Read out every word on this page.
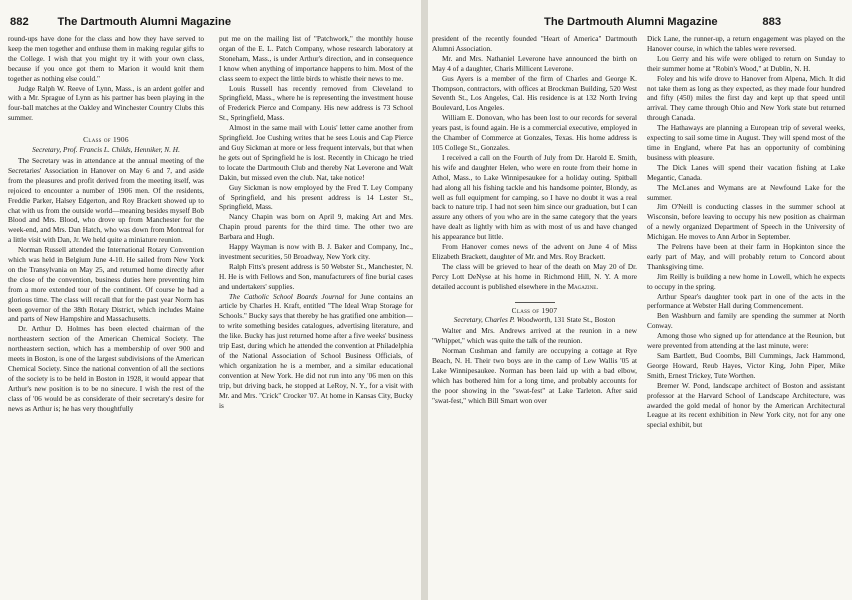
882	The Dartmouth Alumni Magazine

round-ups have done for the class and how they have served to keep the men together and enthuse them in making regular gifts to the College. I wish that you might try it with your own class, because if you once got them to Marion it would knit them together as nothing else could."

Judge Ralph W. Reeve of Lynn, Mass., is an ardent golfer and with a Mr. Sprague of Lynn as his partner has been playing in the four-ball matches at the Oakley and Winchester Country Clubs this summer.

Class of 1906
Secretary, Prof. Francis L. Childs, Henniker, N. H.

The Secretary was in attendance at the annual meeting of the Secretaries' Association in Hanover on May 6 and 7, and aside from the pleasures and profit derived from the meeting itself, was rejoiced to encounter a number of 1906 men. Of the residents, Freddie Parker, Halsey Edgerton, and Roy Brackett showed up to chat with us from the outside world—meaning besides myself Bob Blood and Mrs. Blood, who drove up from Manchester for the week-end, and Mrs. Dan Hatch, who was down from Montreal for a little visit with Dan, Jr. We held quite a miniature reunion.

Norman Russell attended the International Rotary Convention which was held in Belgium June 4-10. He sailed from New York on the Transylvania on May 25, and returned home directly after the close of the convention, business duties here preventing him from a more extended tour of the continent. Of course he had a glorious time. The class will recall that for the past year Norm has been governor of the 38th Rotary District, which includes Maine and parts of New Hampshire and Massachusetts.

Dr. Arthur D. Holmes has been elected chairman of the northeastern section of the American Chemical Society. The northeastern section, which has a membership of over 900 and meets in Boston, is one of the largest subdivisions of the American Chemical Society. Since the national convention of all the sections of the society is to be held in Boston in 1928, it would appear that Arthur's new position is to be no sinecure. I wish the rest of the class of '06 would be as considerate of their secretary's desire for news as Arthur is; he has very thoughtfully

put me on the mailing list of "Patchwork," the monthly house organ of the E. L. Patch Company, whose research laboratory at Stoneham, Mass., is under Arthur's direction, and in consequence I know when anything of importance happens to him. Most of the class seem to expect the little birds to whistle their news to me.

Louis Russell has recently removed from Cleveland to Springfield, Mass., where he is representing the investment house of Frederick Pierce and Company. His new address is 73 School St., Springfield, Mass.

Almost in the same mail with Louis' letter came another from Springfield. Joe Cushing writes that he sees Louis and Cap Pierce and Guy Sickman at more or less frequent intervals, but that when he gets out of Springfield he is lost. Recently in Chicago he tried to locate the Dartmouth Club and thereby Nat Leverone and Walt Dakin, but missed even the club. Nat, take notice!

Guy Sickman is now employed by the Fred T. Ley Company of Springfield, and his present address is 14 Lester St., Springfield, Mass.

Nancy Chapin was born on April 9, making Art and Mrs. Chapin proud parents for the third time. The other two are Barbara and Hugh.

Happy Wayman is now with B. J. Baker and Company, Inc., investment securities, 50 Broadway, New York city.

Ralph Fitts's present address is 50 Webster St., Manchester, N. H. He is with Fellows and Son, manufacturers of fine burial cases and undertakers' supplies.

The Catholic School Boards Journal for June contains an article by Charles H. Kraft, entitled "The Ideal Wrap Storage for Schools." Bucky says that thereby he has gratified one ambition—to write something besides catalogues, advertising literature, and the like. Bucky has just returned home after a five weeks' business trip East, during which he attended the convention at Philadelphia of the National Association of School Business Officials, of which organization he is a member, and a similar educational convention at New York. He did not run into any '06 men on this trip, but driving back, he stopped at LeRoy, N. Y., for a visit with Mr. and Mrs. "Crick" Crocker '07. At home in Kansas City, Bucky is

The Dartmouth Alumni Magazine	883

president of the recently founded "Heart of America" Dartmouth Alumni Association.

Mr. and Mrs. Nathaniel Leverone have announced the birth on May 4 of a daughter, Charis Millicent Leverone.

Gus Ayers is a member of the firm of Charles and George K. Thompson, contractors, with offices at Brockman Building, 520 West Seventh St., Los Angeles, Cal. His residence is at 132 North Irving Boulevard, Los Angeles.

William E. Donovan, who has been lost to our records for several years past, is found again. He is a commercial executive, employed in the Chamber of Commerce at Gonzales, Texas. His home address is 105 College St., Gonzales.

I received a call on the Fourth of July from Dr. Harold E. Smith, his wife and daughter Helen, who were en route from their home in Athol, Mass., to Lake Winnipesaukee for a holiday outing. Spitball had along all his fishing tackle and his handsome pointer, Blondy, as well as full equipment for camping, so I have no doubt it was a real back to nature trip. I had not seen him since our graduation, but I can assure any others of you who are in the same category that the years have dealt as lightly with him as with most of us and have changed his appearance but little.

From Hanover comes news of the advent on June 4 of Miss Elizabeth Brackett, daughter of Mr. and Mrs. Roy Brackett.

The class will be grieved to hear of the death on May 20 of Dr. Percy Lott DeNyse at his home in Richmond Hill, N. Y. A more detailed account is published elsewhere in the Magazine.

Class of 1907
Secretary, Charles P. Woodworth, 131 State St., Boston

Walter and Mrs. Andrews arrived at the reunion in a new "Whippet," which was quite the talk of the reunion.

Norman Cushman and family are occupying a cottage at Rye Beach, N. H. Their two boys are in the camp of Lew Wallis '05 at Lake Winnipesaukee. Norman has been laid up with a bad elbow, which has bothered him for a long time, and probably accounts for the poor showing in the "swat-fest" at Lake Tarleton. After said "swat-fest," which Bill Smart won over

Dick Lane, the runner-up, a return engagement was played on the Hanover course, in which the tables were reversed.

Lou Gerry and his wife were obliged to return on Sunday to their summer home at "Robin's Wood," at Dublin, N. H.

Foley and his wife drove to Hanover from Alpena, Mich. It did not take them as long as they expected, as they made four hundred and fifty (450) miles the first day and kept up that speed until arrival. They came through Ohio and New York state but returned through Canada.

The Hathaways are planning a European trip of several weeks, expecting to sail some time in August. They will spend most of the time in England, where Pat has an opportunity of combining business with pleasure.

The Dick Lanes will spend their vacation fishing at Lake Megantic, Canada.

The McLanes and Wymans are at Newfound Lake for the summer.

Jim O'Neill is conducting classes in the summer school at Wisconsin, before leaving to occupy his new position as chairman of a newly organized Department of Speech in the University of Michigan. He moves to Ann Arbor in September.

The Pelrens have been at their farm in Hopkinton since the early part of May, and will probably return to Concord about Thanksgiving time.

Jim Reilly is building a new home in Lowell, which he expects to occupy in the spring.

Arthur Spear's daughter took part in one of the acts in the performance at Webster Hall during Commencement.

Ben Washburn and family are spending the summer at North Conway.

Among those who signed up for attendance at the Reunion, but were prevented from attending at the last minute, were:

Sam Bartlett, Bud Coombs, Bill Cummings, Jack Hammond, George Howard, Reub Hayes, Victor King, John Piper, Mike Smith, Ernest Trickey, Tute Worthen.

Bremer W. Pond, landscape architect of Boston and assistant professor at the Harvard School of Landscape Architecture, was awarded the gold medal of honor by the American Architectural League at its recent exhibition in New York city, not for any one special exhibit, but
